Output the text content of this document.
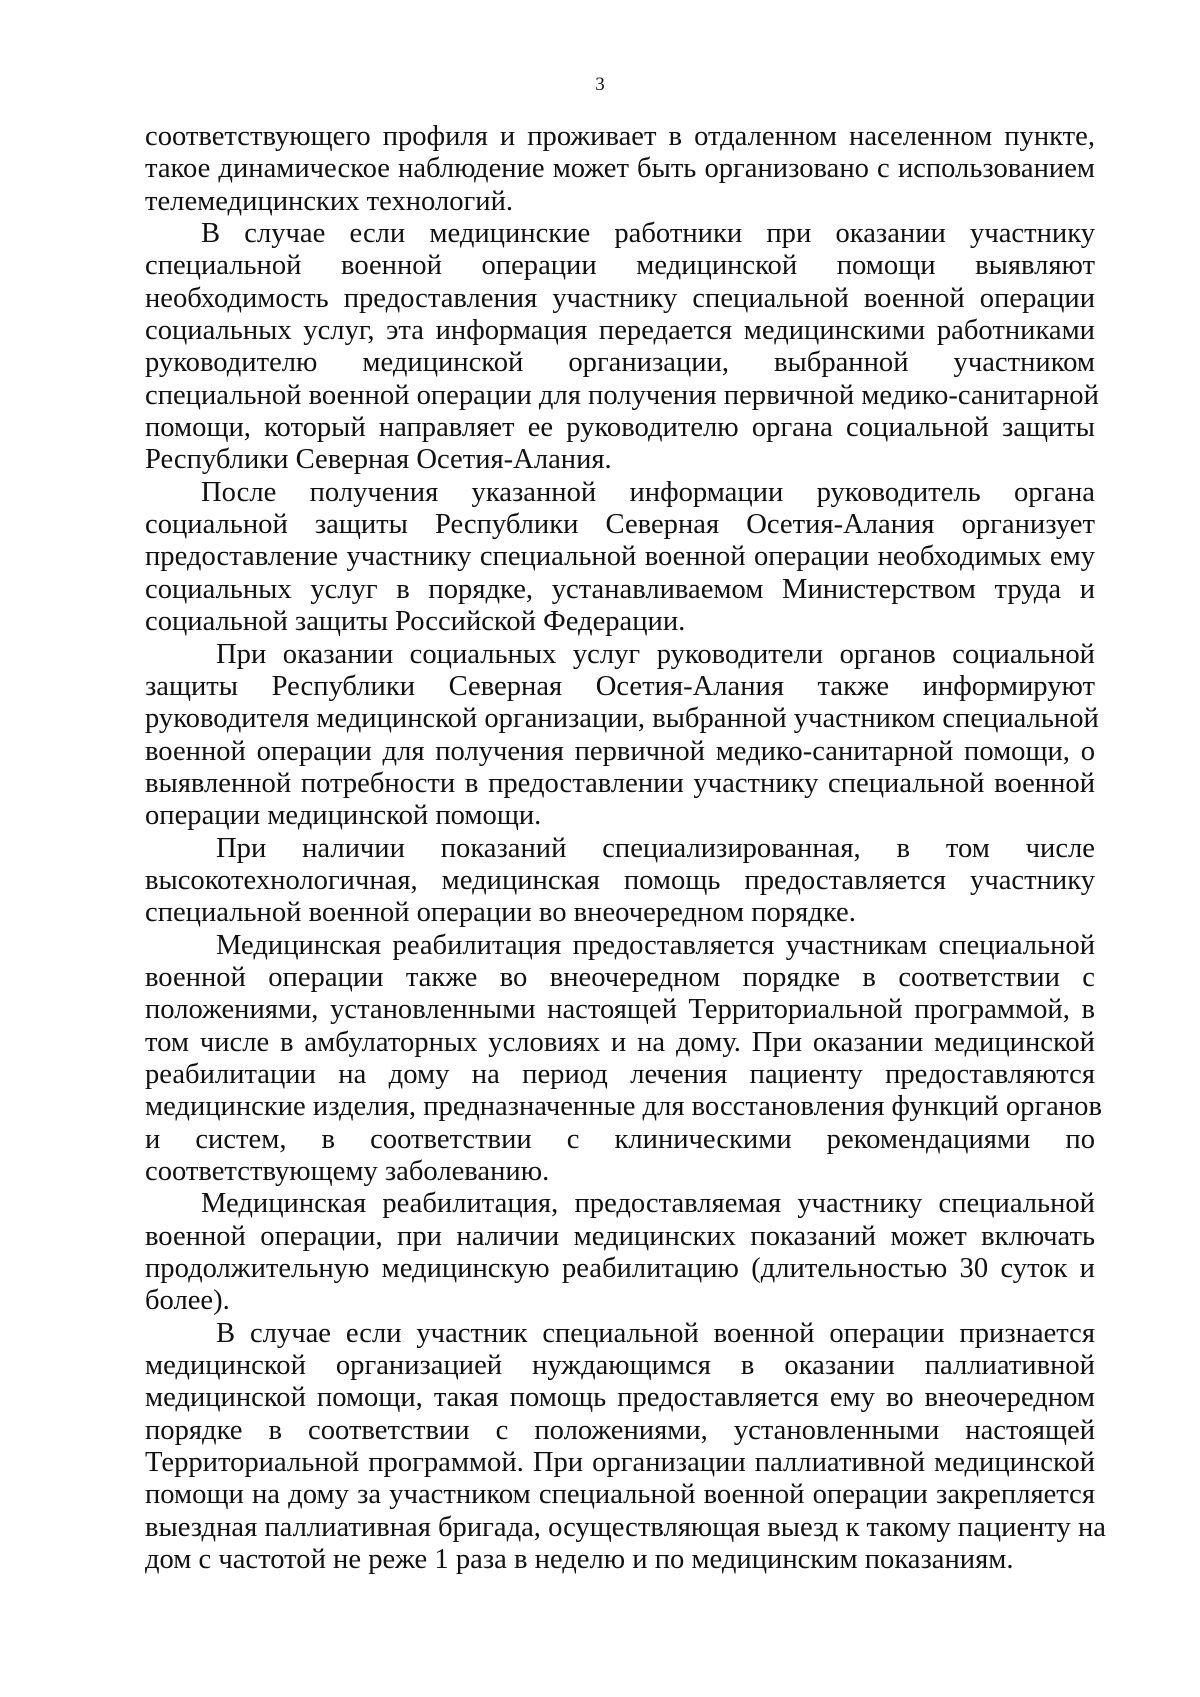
3
соответствующего профиля и проживает в отдаленном населенном пункте,
такое динамическое наблюдение может быть организовано с использованием
телемедицинских технологий.
В случае если медицинские работники при оказании участнику
специальной военной операции медицинской помощи выявляют
необходимость предоставления участнику специальной военной операции
социальных услуг, эта информация передается медицинскими работниками
руководителю медицинской организации, выбранной участником
специальной военной операции для получения первичной медико-санитарной
помощи, который направляет ее руководителю органа социальной защиты
Республики Северная Осетия-Алания.
После получения указанной информации руководитель органа
социальной защиты Республики Северная Осетия-Алания организует
предоставление участнику специальной военной операции необходимых ему
социальных услуг в порядке, устанавливаемом Министерством труда и
социальной защиты Российской Федерации.
При оказании социальных услуг руководители органов социальной
защиты Республики Северная Осетия-Алания также информируют
руководителя медицинской организации, выбранной участником специальной
военной операции для получения первичной медико-санитарной помощи, о
выявленной потребности в предоставлении участнику специальной военной
операции медицинской помощи.
При наличии показаний специализированная, в том числе
высокотехнологичная, медицинская помощь предоставляется участнику
специальной военной операции во внеочередном порядке.
Медицинская реабилитация предоставляется участникам специальной
военной операции также во внеочередном порядке в соответствии с
положениями, установленными настоящей Территориальной программой, в
том числе в амбулаторных условиях и на дому. При оказании медицинской
реабилитации на дому на период лечения пациенту предоставляются
медицинские изделия, предназначенные для восстановления функций органов
и систем, в соответствии с клиническими рекомендациями по
соответствующему заболеванию.
Медицинская реабилитация, предоставляемая участнику специальной
военной операции, при наличии медицинских показаний может включать
продолжительную медицинскую реабилитацию (длительностью 30 суток и
более).
В случае если участник специальной военной операции признается
медицинской организацией нуждающимся в оказании паллиативной
медицинской помощи, такая помощь предоставляется ему во внеочередном
порядке в соответствии с положениями, установленными настоящей
Территориальной программой. При организации паллиативной медицинской
помощи на дому за участником специальной военной операции закрепляется
выездная паллиативная бригада, осуществляющая выезд к такому пациенту на
дом с частотой не реже 1 раза в неделю и по медицинским показаниям.
